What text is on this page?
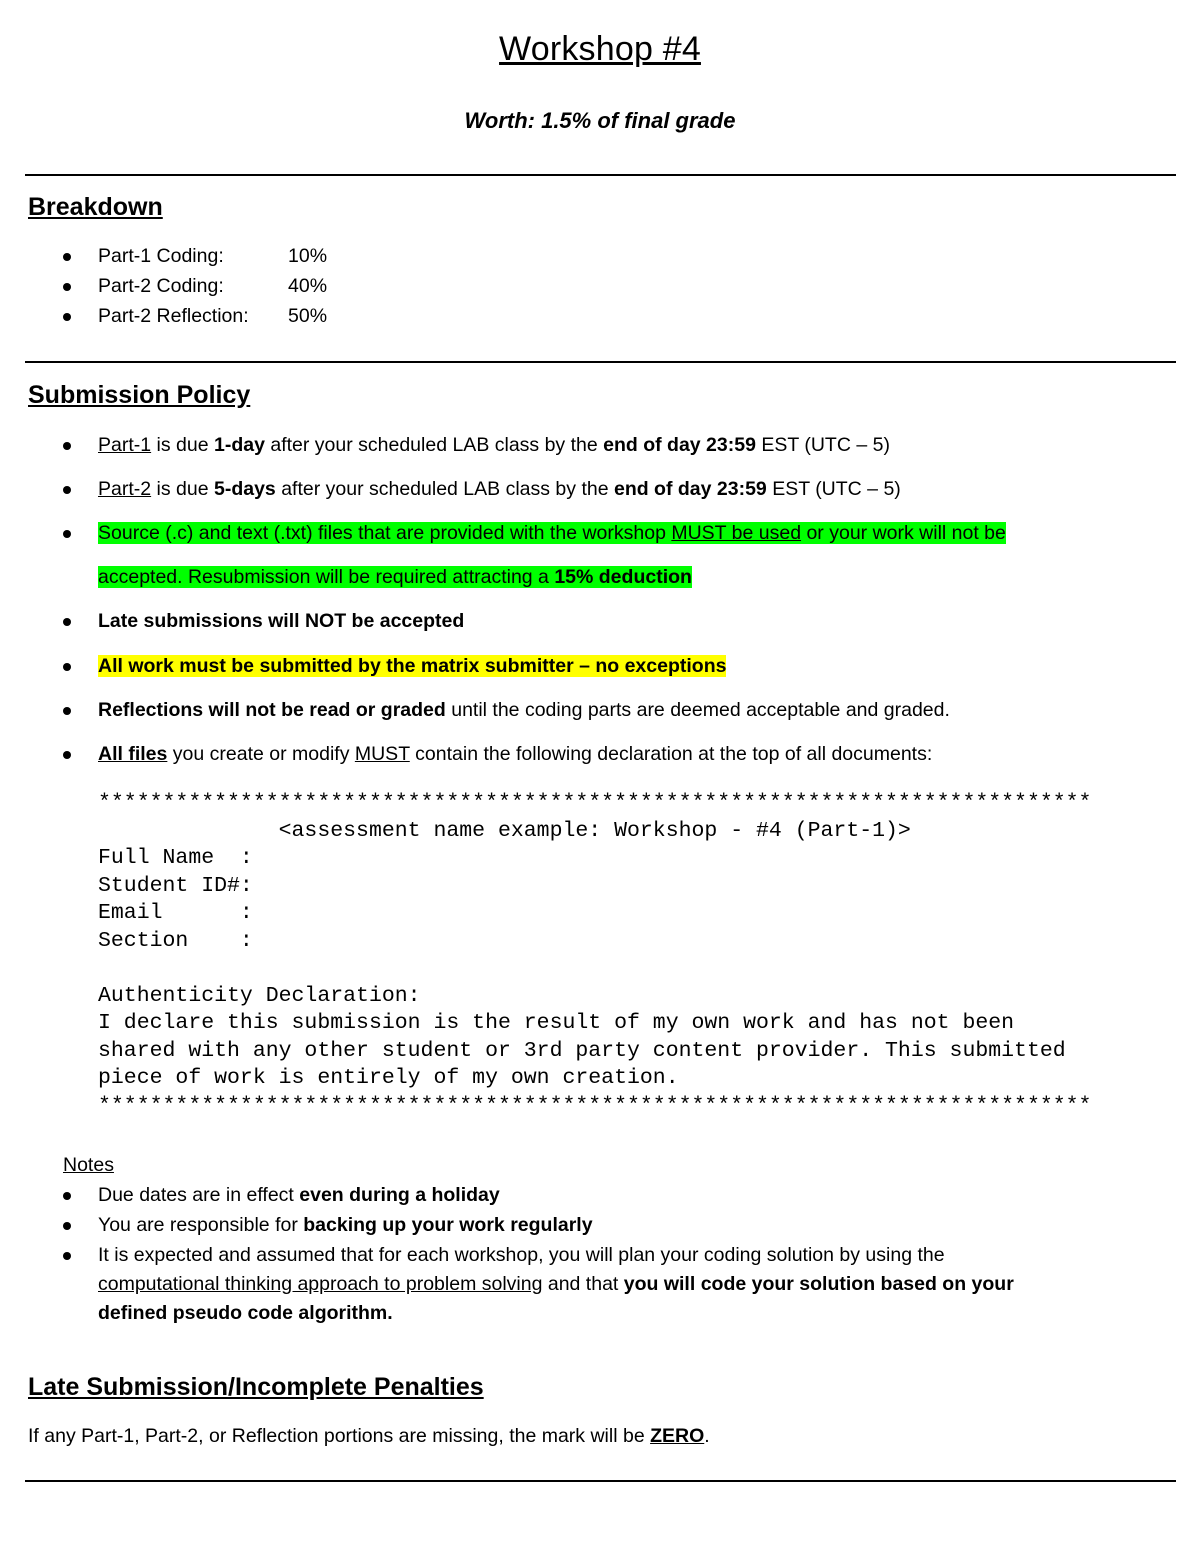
Workshop #4
Worth: 1.5% of final grade
Breakdown
Part-1 Coding:	10%
Part-2 Coding:	40%
Part-2 Reflection: 50%
Submission Policy
Part-1 is due 1-day after your scheduled LAB class by the end of day 23:59 EST (UTC – 5)
Part-2 is due 5-days after your scheduled LAB class by the end of day 23:59 EST (UTC – 5)
Source (.c) and text (.txt) files that are provided with the workshop MUST be used or your work will not be
accepted. Resubmission will be required attracting a 15% deduction
Late submissions will NOT be accepted
All work must be submitted by the matrix submitter – no exceptions
Reflections will not be read or graded until the coding parts are deemed acceptable and graded.
All files you create or modify MUST contain the following declaration at the top of all documents:
*****************************************************************************
<assessment name example: Workshop - #4 (Part-1)>
Full Name  :
Student ID#:
Email      :
Section    :

Authenticity Declaration:
I declare this submission is the result of my own work and has not been
shared with any other student or 3rd party content provider. This submitted
piece of work is entirely of my own creation.
*****************************************************************************
Notes
Due dates are in effect even during a holiday
You are responsible for backing up your work regularly
It is expected and assumed that for each workshop, you will plan your coding solution by using the
computational thinking approach to problem solving and that you will code your solution based on your
defined pseudo code algorithm.
Late Submission/Incomplete Penalties
If any Part-1, Part-2, or Reflection portions are missing, the mark will be ZERO.
